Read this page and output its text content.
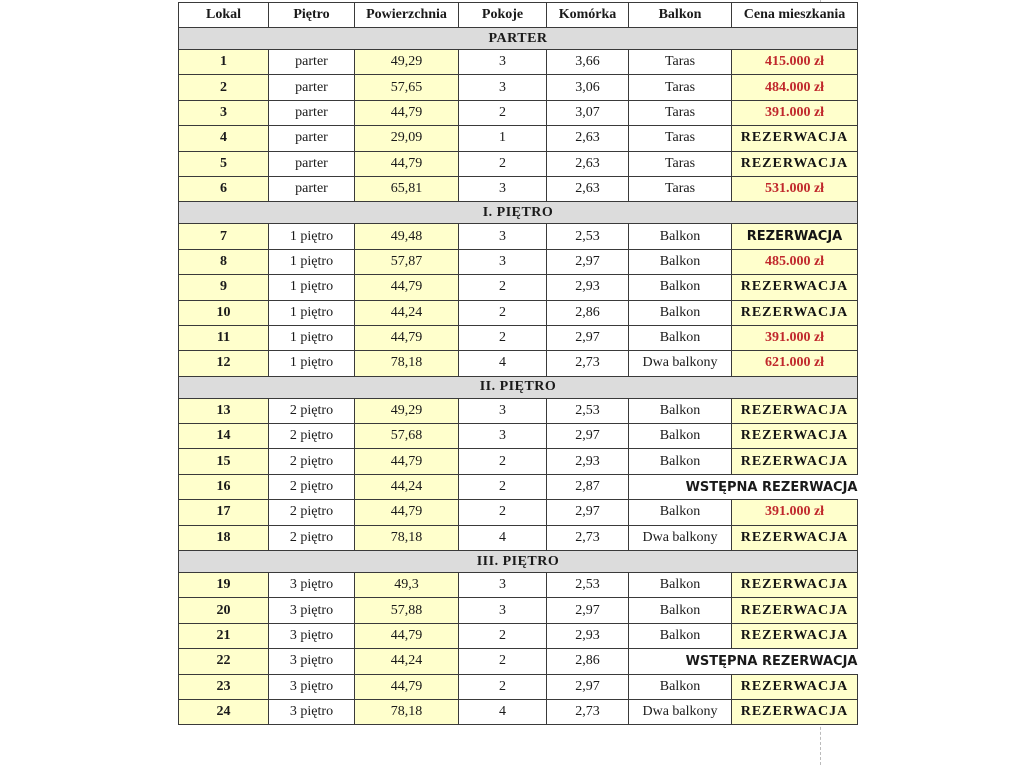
Lokal	Piętro	Powierzchnia	Pokoje	Komórka	Balkon	Cena mieszkania
PARTER						
1	parter	49,29	3	3,66	Taras	415.000 zł
2	parter	57,65	3	3,06	Taras	484.000 zł
3	parter	44,79	2	3,07	Taras	391.000 zł
4	parter	29,09	1	2,63	Taras	REZERWACJA
5	parter	44,79	2	2,63	Taras	REZERWACJA
6	parter	65,81	3	2,63	Taras	531.000 zł
I. PIĘTRO						
7	1 piętro	49,48	3	2,53	Balkon	REZERWACJA
8	1 piętro	57,87	3	2,97	Balkon	485.000 zł
9	1 piętro	44,79	2	2,93	Balkon	REZERWACJA
10	1 piętro	44,24	2	2,86	Balkon	REZERWACJA
11	1 piętro	44,79	2	2,97	Balkon	391.000 zł
12	1 piętro	78,18	4	2,73	Dwa balkony	621.000 zł
II. PIĘTRO						
13	2 piętro	49,29	3	2,53	Balkon	REZERWACJA
14	2 piętro	57,68	3	2,97	Balkon	REZERWACJA
15	2 piętro	44,79	2	2,93	Balkon	REZERWACJA
16	2 piętro	44,24	2	2,87	WSTĘPNA REZERWACJA	
17	2 piętro	44,79	2	2,97	Balkon	391.000 zł
18	2 piętro	78,18	4	2,73	Dwa balkony	REZERWACJA
III. PIĘTRO						
19	3 piętro	49,3	3	2,53	Balkon	REZERWACJA
20	3 piętro	57,88	3	2,97	Balkon	REZERWACJA
21	3 piętro	44,79	2	2,93	Balkon	REZERWACJA
22	3 piętro	44,24	2	2,86	WSTĘPNA REZERWACJA	
23	3 piętro	44,79	2	2,97	Balkon	REZERWACJA
24	3 piętro	78,18	4	2,73	Dwa balkony	REZERWACJA
